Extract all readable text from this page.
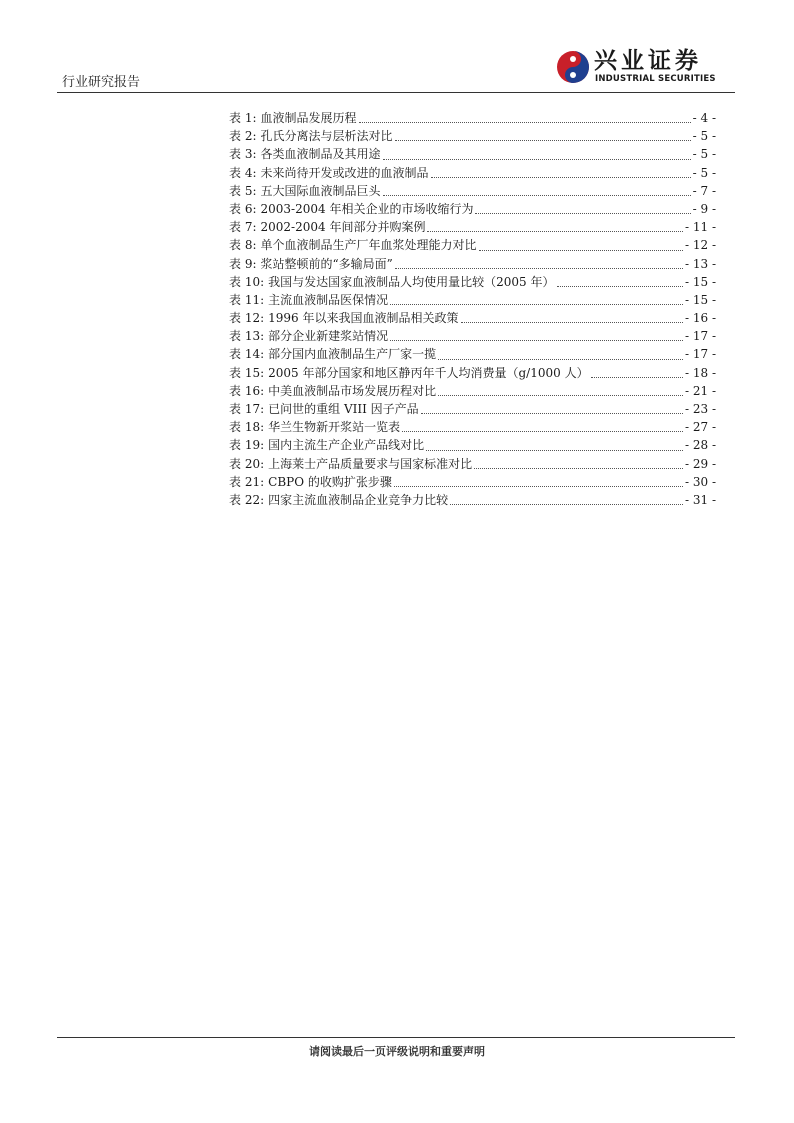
行业研究报告
兴业证券
INDUSTRIAL SECURITIES
表 1: 血液制品发展历程	- 4 -
表 2: 孔氏分离法与层析法对比	- 5 -
表 3: 各类血液制品及其用途	- 5 -
表 4: 未来尚待开发或改进的血液制品	- 5 -
表 5: 五大国际血液制品巨头	- 7 -
表 6: 2003-2004 年相关企业的市场收缩行为	- 9 -
表 7: 2002-2004 年间部分并购案例	- 11 -
表 8: 单个血液制品生产厂年血浆处理能力对比	- 12 -
表 9: 浆站整顿前的“多输局面”	- 13 -
表 10: 我国与发达国家血液制品人均使用量比较（2005 年）	- 15 -
表 11: 主流血液制品医保情况	- 15 -
表 12: 1996 年以来我国血液制品相关政策	- 16 -
表 13: 部分企业新建浆站情况	- 17 -
表 14: 部分国内血液制品生产厂家一揽	- 17 -
表 15: 2005 年部分国家和地区静丙年千人均消费量（g/1000 人）	- 18 -
表 16: 中美血液制品市场发展历程对比	- 21 -
表 17: 已问世的重组 VIII 因子产品	- 23 -
表 18: 华兰生物新开浆站一览表	- 27 -
表 19: 国内主流生产企业产品线对比	- 28 -
表 20: 上海莱士产品质量要求与国家标准对比	- 29 -
表 21: CBPO 的收购扩张步骤	- 30 -
表 22: 四家主流血液制品企业竞争力比较	- 31 -
请阅读最后一页评级说明和重要声明
